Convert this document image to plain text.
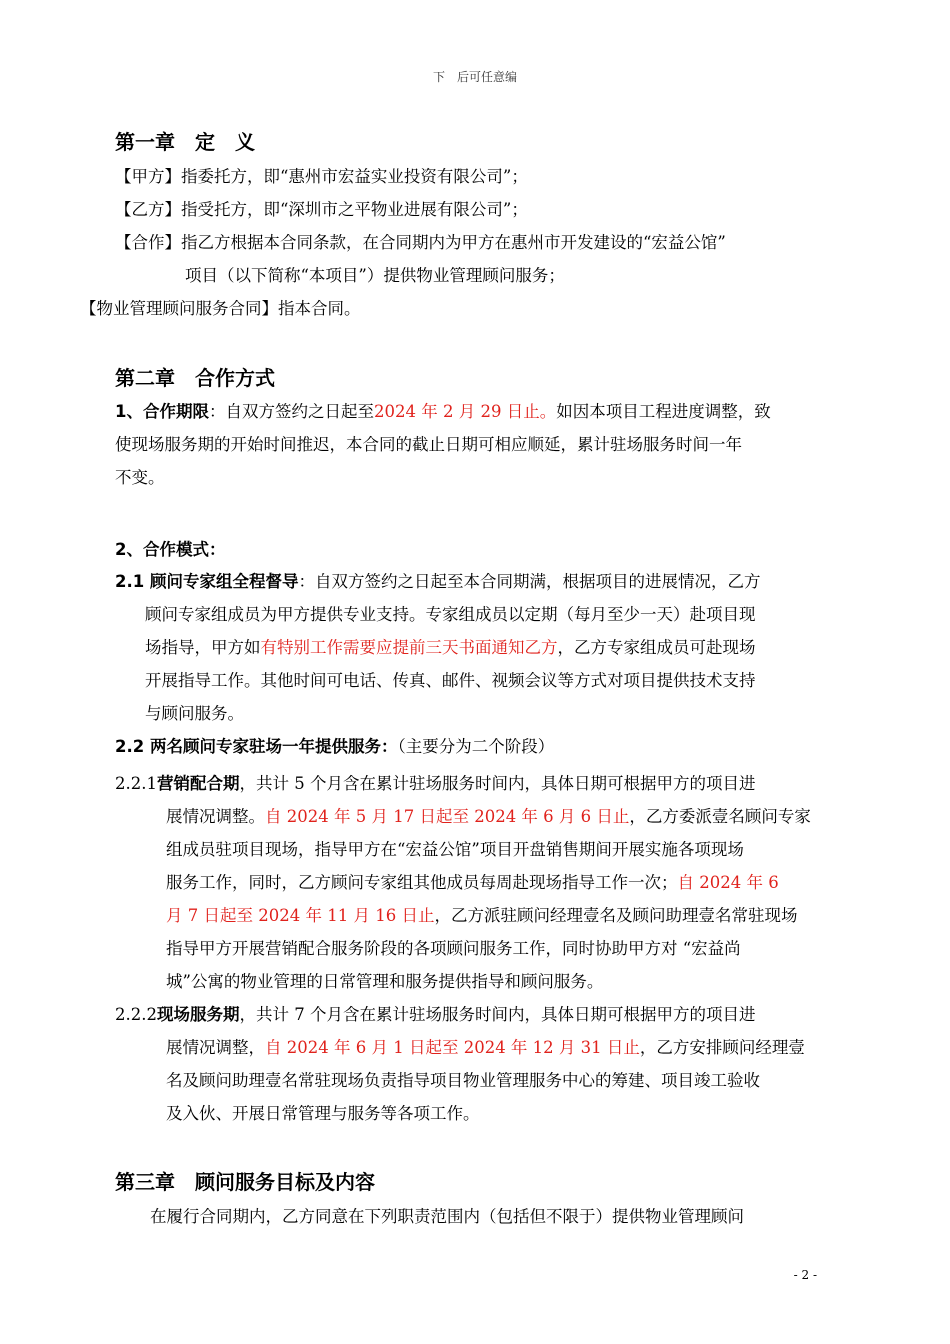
下　后可任意编
第一章　定　义
【甲方】指委托方，即“惠州市宏益实业投资有限公司”；
【乙方】指受托方，即“深圳市之平物业进展有限公司”；
【合作】指乙方根据本合同条款，在合同期内为甲方在惠州市开发建设的“宏益公馆”
项目（以下简称“本项目”）提供物业管理顾问服务；
【物业管理顾问服务合同】指本合同。
第二章　合作方式
1、合作期限：自双方签约之日起至2024 年 2 月 29 日止。如因本项目工程进度调整，致
使现场服务期的开始时间推迟，本合同的截止日期可相应顺延，累计驻场服务时间一年
不变。
2、合作模式：
2.1 顾问专家组全程督导：自双方签约之日起至本合同期满，根据项目的进展情况，乙方
顾问专家组成员为甲方提供专业支持。专家组成员以定期（每月至少一天）赴项目现
场指导，甲方如有特别工作需要应提前三天书面通知乙方，乙方专家组成员可赴现场
开展指导工作。其他时间可电话、传真、邮件、视频会议等方式对项目提供技术支持
与顾问服务。
2.2 两名顾问专家驻场一年提供服务：（主要分为二个阶段）
2.2.1营销配合期，共计 5 个月含在累计驻场服务时间内，具体日期可根据甲方的项目进
展情况调整。自 2024 年 5 月 17 日起至 2024 年 6 月 6 日止，乙方委派壹名顾问专家
组成员驻项目现场，指导甲方在“宏益公馆”项目开盘销售期间开展实施各项现场
服务工作，同时，乙方顾问专家组其他成员每周赴现场指导工作一次；自 2024 年 6
月 7 日起至 2024 年 11 月 16 日止，乙方派驻顾问经理壹名及顾问助理壹名常驻现场
指导甲方开展营销配合服务阶段的各项顾问服务工作，同时协助甲方对 “宏益尚
城”公寓的物业管理的日常管理和服务提供指导和顾问服务。
2.2.2现场服务期，共计 7 个月含在累计驻场服务时间内，具体日期可根据甲方的项目进
展情况调整，自 2024 年 6 月 1 日起至 2024 年 12 月 31 日止，乙方安排顾问经理壹
名及顾问助理壹名常驻现场负责指导项目物业管理服务中心的筹建、项目竣工验收
及入伙、开展日常管理与服务等各项工作。
第三章　顾问服务目标及内容
在履行合同期内，乙方同意在下列职责范围内（包括但不限于）提供物业管理顾问
- 2 -
